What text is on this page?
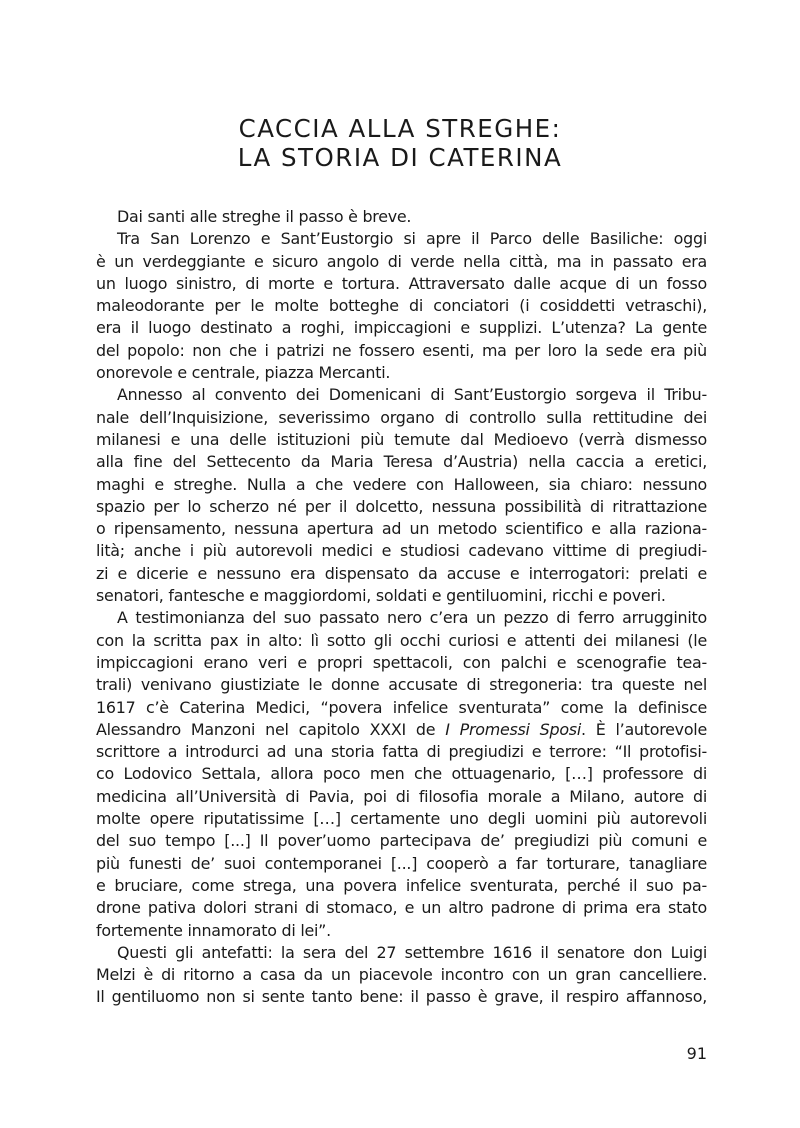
CACCIA ALLA STREGHE:
LA STORIA DI CATERINA
Dai santi alle streghe il passo è breve.
Tra San Lorenzo e Sant’Eustorgio si apre il Parco delle Basiliche: oggi
è un verdeggiante e sicuro angolo di verde nella città, ma in passato era
un luogo sinistro, di morte e tortura. Attraversato dalle acque di un fosso
maleodorante per le molte botteghe di conciatori (i cosiddetti vetraschi),
era il luogo destinato a roghi, impiccagioni e supplizi. L’utenza? La gente
del popolo: non che i patrizi ne fossero esenti, ma per loro la sede era più
onorevole e centrale, piazza Mercanti.
Annesso al convento dei Domenicani di Sant’Eustorgio sorgeva il Tribu-
nale dell’Inquisizione, severissimo organo di controllo sulla rettitudine dei
milanesi e una delle istituzioni più temute dal Medioevo (verrà dismesso
alla fine del Settecento da Maria Teresa d’Austria) nella caccia a eretici,
maghi e streghe. Nulla a che vedere con Halloween, sia chiaro: nessuno
spazio per lo scherzo né per il dolcetto, nessuna possibilità di ritrattazione
o ripensamento, nessuna apertura ad un metodo scientifico e alla raziona-
lità; anche i più autorevoli medici e studiosi cadevano vittime di pregiudi-
zi e dicerie e nessuno era dispensato da accuse e interrogatori: prelati e
senatori, fantesche e maggiordomi, soldati e gentiluomini, ricchi e poveri.
A testimonianza del suo passato nero c’era un pezzo di ferro arrugginito
con la scritta pax in alto: lì sotto gli occhi curiosi e attenti dei milanesi (le
impiccagioni erano veri e propri spettacoli, con palchi e scenografie tea-
trali) venivano giustiziate le donne accusate di stregoneria: tra queste nel
1617 c’è Caterina Medici, “povera infelice sventurata” come la definisce
Alessandro Manzoni nel capitolo XXXI de I Promessi Sposi. È l’autorevole
scrittore a introdurci ad una storia fatta di pregiudizi e terrore: “Il protofisi-
co Lodovico Settala, allora poco men che ottuagenario, […] professore di
medicina all’Università di Pavia, poi di filosofia morale a Milano, autore di
molte opere riputatissime […] certamente uno degli uomini più autorevoli
del suo tempo [...] Il pover’uomo partecipava de’ pregiudizi più comuni e
più funesti de’ suoi contemporanei [...] cooperò a far torturare, tanagliare
e bruciare, come strega, una povera infelice sventurata, perché il suo pa-
drone pativa dolori strani di stomaco, e un altro padrone di prima era stato
fortemente innamorato di lei”.
Questi gli antefatti: la sera del 27 settembre 1616 il senatore don Luigi
Melzi è di ritorno a casa da un piacevole incontro con un gran cancelliere.
Il gentiluomo non si sente tanto bene: il passo è grave, il respiro affannoso,
91
